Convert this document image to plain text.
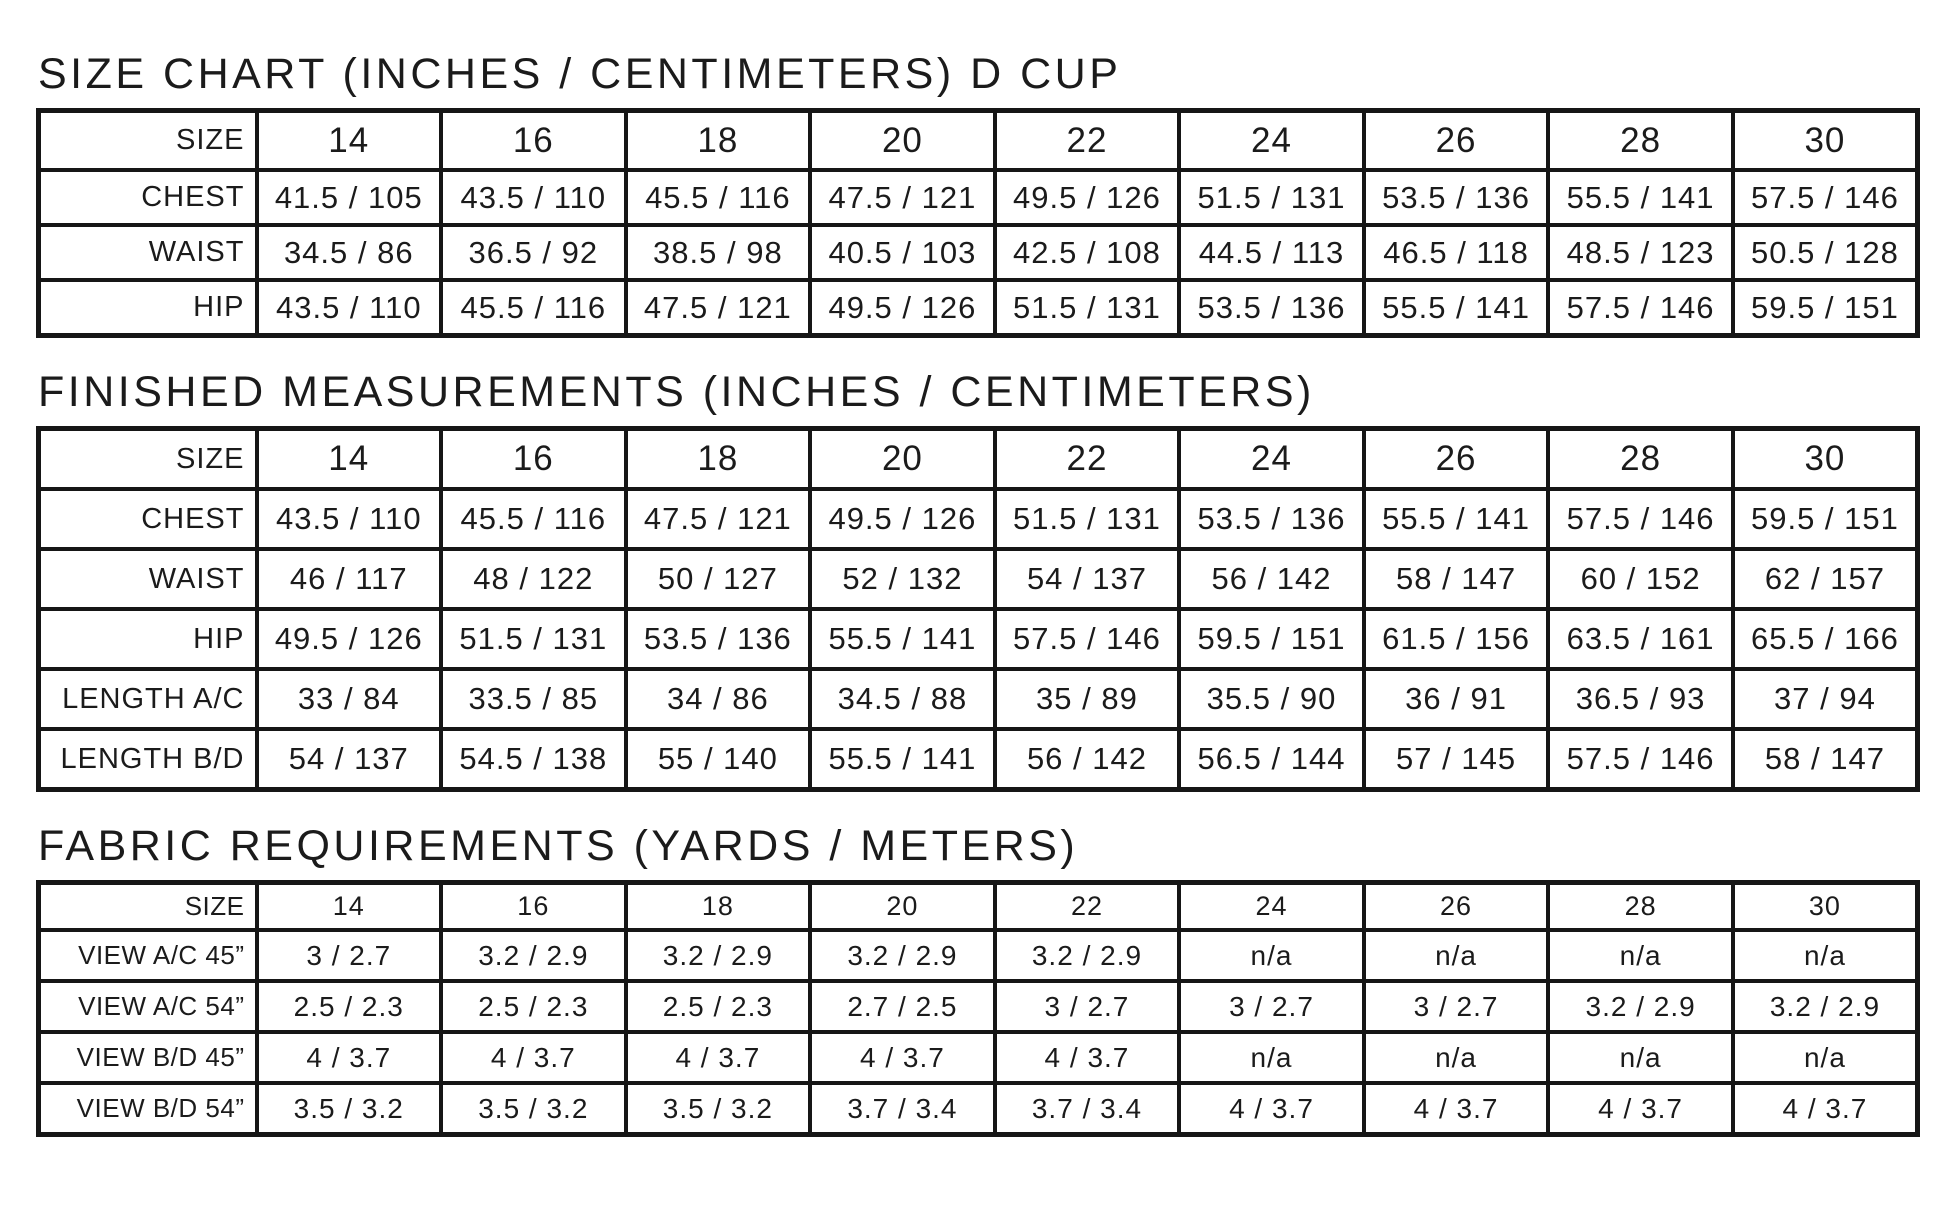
SIZE CHART (INCHES / CENTIMETERS) D CUP
SIZE	14	16	18	20	22	24	26	28	30
CHEST	41.5 / 105	43.5 / 110	45.5 / 116	47.5 / 121	49.5 / 126	51.5 / 131	53.5 / 136	55.5 / 141	57.5 / 146
WAIST	34.5 / 86	36.5 / 92	38.5 / 98	40.5 / 103	42.5 / 108	44.5 / 113	46.5 / 118	48.5 / 123	50.5 / 128
HIP	43.5 / 110	45.5 / 116	47.5 / 121	49.5 / 126	51.5 / 131	53.5 / 136	55.5 / 141	57.5 / 146	59.5 / 151
FINISHED MEASUREMENTS (INCHES / CENTIMETERS)
SIZE	14	16	18	20	22	24	26	28	30
CHEST	43.5 / 110	45.5 / 116	47.5 / 121	49.5 / 126	51.5 / 131	53.5 / 136	55.5 / 141	57.5 / 146	59.5 / 151
WAIST	46 / 117	48 / 122	50 / 127	52 / 132	54 / 137	56 / 142	58 / 147	60 / 152	62 / 157
HIP	49.5 / 126	51.5 / 131	53.5 / 136	55.5 / 141	57.5 / 146	59.5 / 151	61.5 / 156	63.5 / 161	65.5 / 166
LENGTH A/C	33 / 84	33.5 / 85	34 / 86	34.5 / 88	35 / 89	35.5 / 90	36 / 91	36.5 / 93	37 / 94
LENGTH B/D	54 / 137	54.5 / 138	55 / 140	55.5 / 141	56 / 142	56.5 / 144	57 / 145	57.5 / 146	58 / 147
FABRIC REQUIREMENTS (YARDS / METERS)
SIZE	14	16	18	20	22	24	26	28	30
VIEW A/C 45”	3 / 2.7	3.2 / 2.9	3.2 / 2.9	3.2 / 2.9	3.2 / 2.9	n/a	n/a	n/a	n/a
VIEW A/C 54”	2.5 / 2.3	2.5 / 2.3	2.5 / 2.3	2.7 / 2.5	3 / 2.7	3 / 2.7	3 / 2.7	3.2 / 2.9	3.2 / 2.9
VIEW B/D 45”	4 / 3.7	4 / 3.7	4 / 3.7	4 / 3.7	4 / 3.7	n/a	n/a	n/a	n/a
VIEW B/D 54”	3.5 / 3.2	3.5 / 3.2	3.5 / 3.2	3.7 / 3.4	3.7 / 3.4	4 / 3.7	4 / 3.7	4 / 3.7	4 / 3.7
